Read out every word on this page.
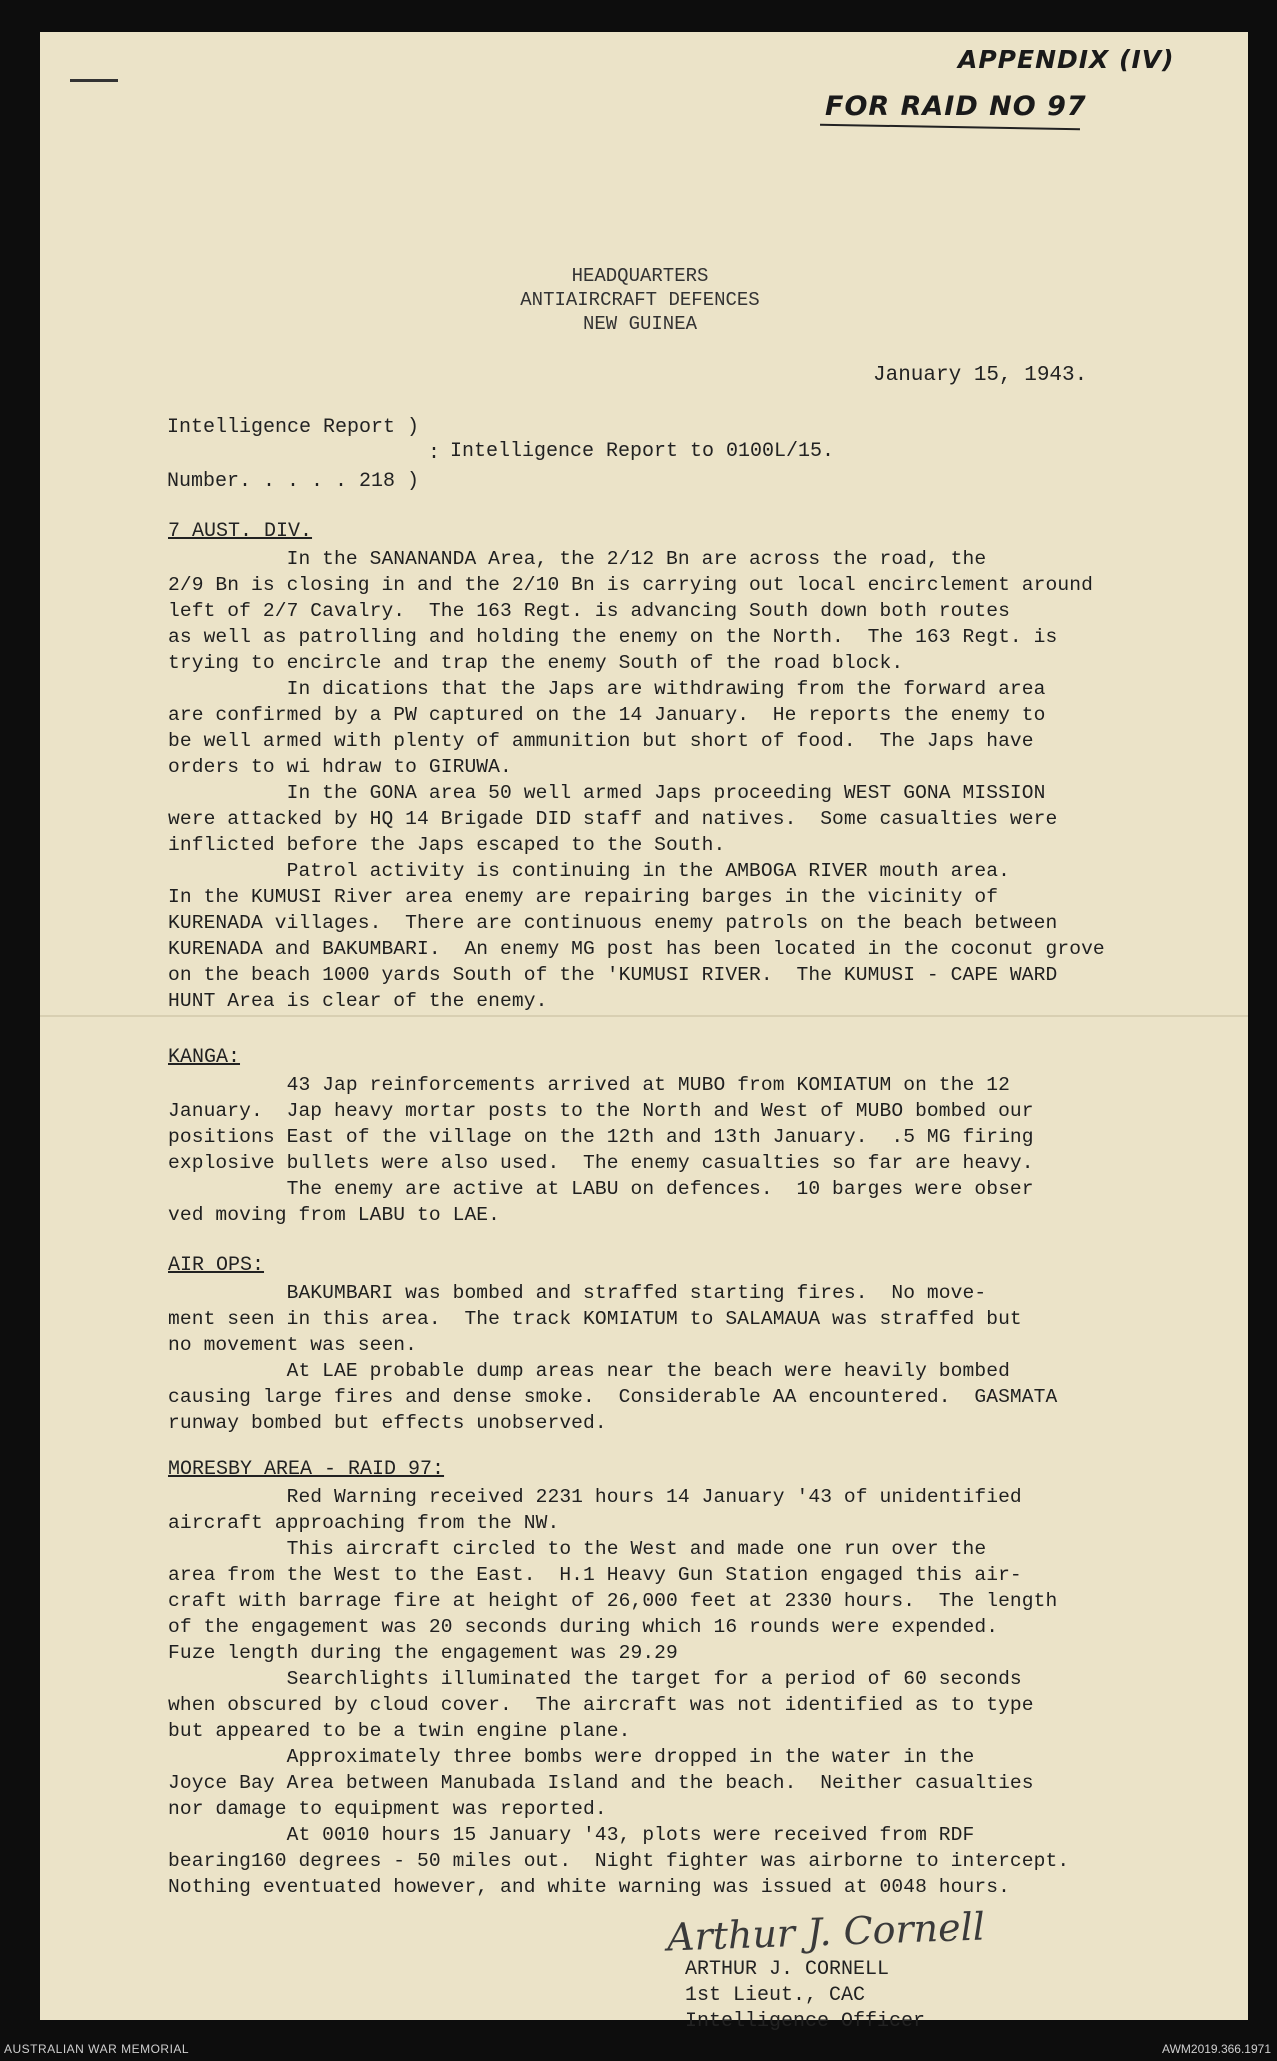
APPENDIX (IV)
FOR RAID NO 97
HEADQUARTERS
ANTIAIRCRAFT DEFENCES
NEW GUINEA
January 15, 1943.
Intelligence Report )
: Intelligence Report to 0100L/15.
Number. . . . . 218 )
7 AUST. DIV.
In the SANANANDA Area, the 2/12 Bn are across the road, the
2/9 Bn is closing in and the 2/10 Bn is carrying out local encirclement around
left of 2/7 Cavalry.  The 163 Regt. is advancing South down both routes
as well as patrolling and holding the enemy on the North.  The 163 Regt. is
trying to encircle and trap the enemy South of the road block.
In dications that the Japs are withdrawing from the forward area
are confirmed by a PW captured on the 14 January.  He reports the enemy to
be well armed with plenty of ammunition but short of food.  The Japs have
orders to wi hdraw to GIRUWA.
In the GONA area 50 well armed Japs proceeding WEST GONA MISSION
were attacked by HQ 14 Brigade DID staff and natives.  Some casualties were
inflicted before the Japs escaped to the South.
Patrol activity is continuing in the AMBOGA RIVER mouth area.
In the KUMUSI River area enemy are repairing barges in the vicinity of
KURENADA villages.  There are continuous enemy patrols on the beach between
KURENADA and BAKUMBARI.  An enemy MG post has been located in the coconut grove
on the beach 1000 yards South of the 'KUMUSI RIVER.  The KUMUSI - CAPE WARD
HUNT Area is clear of the enemy.
KANGA:
43 Jap reinforcements arrived at MUBO from KOMIATUM on the 12
January.  Jap heavy mortar posts to the North and West of MUBO bombed our
positions East of the village on the 12th and 13th January.  .5 MG firing
explosive bullets were also used.  The enemy casualties so far are heavy.
The enemy are active at LABU on defences.  10 barges were obser
ved moving from LABU to LAE.
AIR OPS:
BAKUMBARI was bombed and straffed starting fires.  No move-
ment seen in this area.  The track KOMIATUM to SALAMAUA was straffed but
no movement was seen.
At LAE probable dump areas near the beach were heavily bombed
causing large fires and dense smoke.  Considerable AA encountered.  GASMATA
runway bombed but effects unobserved.
MORESBY AREA - RAID 97:
Red Warning received 2231 hours 14 January '43 of unidentified
aircraft approaching from the NW.
This aircraft circled to the West and made one run over the
area from the West to the East.  H.1 Heavy Gun Station engaged this air-
craft with barrage fire at height of 26,000 feet at 2330 hours.  The length
of the engagement was 20 seconds during which 16 rounds were expended.
Fuze length during the engagement was 29.29
Searchlights illuminated the target for a period of 60 seconds
when obscured by cloud cover.  The aircraft was not identified as to type
but appeared to be a twin engine plane.
Approximately three bombs were dropped in the water in the
Joyce Bay Area between Manubada Island and the beach.  Neither casualties
nor damage to equipment was reported.
At 0010 hours 15 January '43, plots were received from RDF
bearing160 degrees - 50 miles out.  Night fighter was airborne to intercept.
Nothing eventuated however, and white warning was issued at 0048 hours.
Arthur J. Cornell
ARTHUR J. CORNELL
1st Lieut., CAC
Intelligence Officer
AUSTRALIAN WAR MEMORIAL	AWM2019.366.1971
